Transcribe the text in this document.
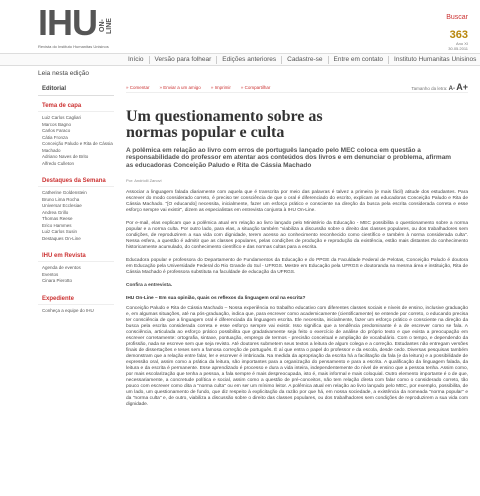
IHU ON-LINE
Revista do Instituto Humanitas Unisinos
Buscar
363
Ano XI
30.05.2011
Início	Versão para folhear	Edições anteriores	Cadastre-se	Entre em contato	Instituto Humanitas Unisinos
Leia nesta edição
Editorial
Tema de capa
Luiz Carlos Cagliari
Marcos Bagno
Carlos Faraco
Cátia Fronza
Conceição Paludo e Rita de Cássia Machado
Adriano Naves de Brito
Alfredo Culleton
Destaques da Semana
Catherine Goldenstein
Bruno Lima Rocha
Universar Ecclesiae
Andrea Grillo
Thomas Reese
Erico Hammes
Luiz Carlos Susin
Destaques On-Line
IHU em Revista
Agenda de eventos
Eventos
Cinara Pierotto
Expediente
Conheça a equipe do IHU
» Comentar » Enviar a um amigo » Imprimir » Compartilhar	Tamanho da letra: A- A+
Um questionamento sobre as normas popular e culta
A polêmica em relação ao livro com erros de português lançado pelo MEC coloca em questão a responsabilidade do professor em atentar aos conteúdos dos livros e em denunciar o problema, afirmam as educadoras Conceição Paludo e Rita de Cássia Machado
Por: Andriolli Zanovi

Associar a linguagem falada diariamente com aquela que é transcrita por meio das palavras é talvez a primeira (e mais fácil) atitude dos estudantes. Para escrever do modo considerado correto, é preciso ter consciência de que o oral é diferenciado do escrito, explicam as educadoras Conceição Paludo e Rita de Cássia Machado. "[O educando] necessita, inicialmente, fazer um esforço prático e consciente na direção da busca pela escrita considerada correta e esse esforço sempre vai existir", dizem as especialistas em entrevista conjunta à IHU On-Line.

Por e-mail, elas explicam que a polêmica atual em relação ao livro lançado pelo Ministério da Educação - MEC possibilita o questionamento sobre a norma popular e a norma culta. Por outro lado, para elas, a situação também "viabiliza a discussão sobre o direito das classes populares, ou dos trabalhadores sem condições, de reproduzirem a sua vida com dignidade, terem acesso ao conhecimento reconhecido como científico e também à norma considerada culta". Nessa esfera, a questão é admitir que as classes populares, pelas condições de produção e reprodução da existência, estão mais distantes do conhecimento historicamente acumulado, do conhecimento científico e das normas cultas para a escrita.

Educadora popular e professora do Departamento de Fundamentos da Educação e do PPGE da Faculdade Federal de Pelotas, Conceição Paludo é doutora em Educação pela Universidade Federal do Rio Grande do Sul - UFRGS. Mestre em Educação pela UFRGS e doutoranda na mesma área e instituição, Rita de Cássia Machado é professora substituta na faculdade de educação da UFRGS.

Confira a entrevista.

IHU On-Line – Em sua opinião, quais os reflexos da linguagem oral na escrita?

Conceição Paludo e Rita de Cássia Machado – Nossa experiência no trabalho educativo com diferentes classes sociais e níveis de ensino, inclusive graduação e, em algumas situações, até na pós-graduação, indica que, para escrever como academicamente (cientificamente) se entende por correto, o educando precisa ter consciência de que a linguagem oral é diferenciada da linguagem escrita. Ele necessita, inicialmente, fazer um esforço prático e consciente na direção da busca pela escrita considerada correta e esse esforço sempre vai existir. Isso significa que a tendência predominante é a de escrever como se fala. A consciência, articulada ao esforço prático possibilita que gradativamente seja feito o exercício de análise do próprio texto e que exista a preocupação em escrever corretamente: ortografia, sintaxe, pontuação, emprego de termos - precisão conceitual e ampliação de vocabulário. Com o tempo, e dependendo da profissão, nada se escreve sem que seja revisto. Até doutores submetem seus textos a leitura de algum colega e a correção. Estudantes não entregam versões finais de dissertações e teses sem a famosa correção de português. É aí que entra o papel do professor e da escola, desde cedo. Diversas pesquisas também demonstram que a relação entre falar, ler e escrever é imbricada. Na medida da apropriação da escrita há a facilitação da fala (e da leitura) e a possibilidade de expressão oral, assim como a prática da leitura, são importantes para a organização do pensamento e para a escrita. A qualificação da linguagem falada, da leitura e da escrita é permanente. Esse aprendizado é processo e dura a vida inteira, independentemente do nível de ensino que a pessoa tenha. Assim como, por mais escolarização que tenha a pessoa, a fala sempre é mais despreocupada, isto é, mais informal e mais coloquial. Outro elemento importante é o de que, necessariamente, a concretude política e social, assim como a questão de pré-conceitos, não tem relação direta com falar como o considerado correto, tão pouco com escrever como dita a "norma culta" ou em ser um mínimo leitor. A polêmica atual em relação ao livro lançado pelo MEC, por exemplo, possibilita, de um lado, um questionamento de fundo, que diz respeito à explicitação da razão por que há, em nossa sociedade, a existência da nomeada "norma popular" e da "norma culta" e, de outro, viabiliza a discussão sobre o direito das classes populares, ou dos trabalhadores sem condições de reproduzirem a sua vida com dignidade.
